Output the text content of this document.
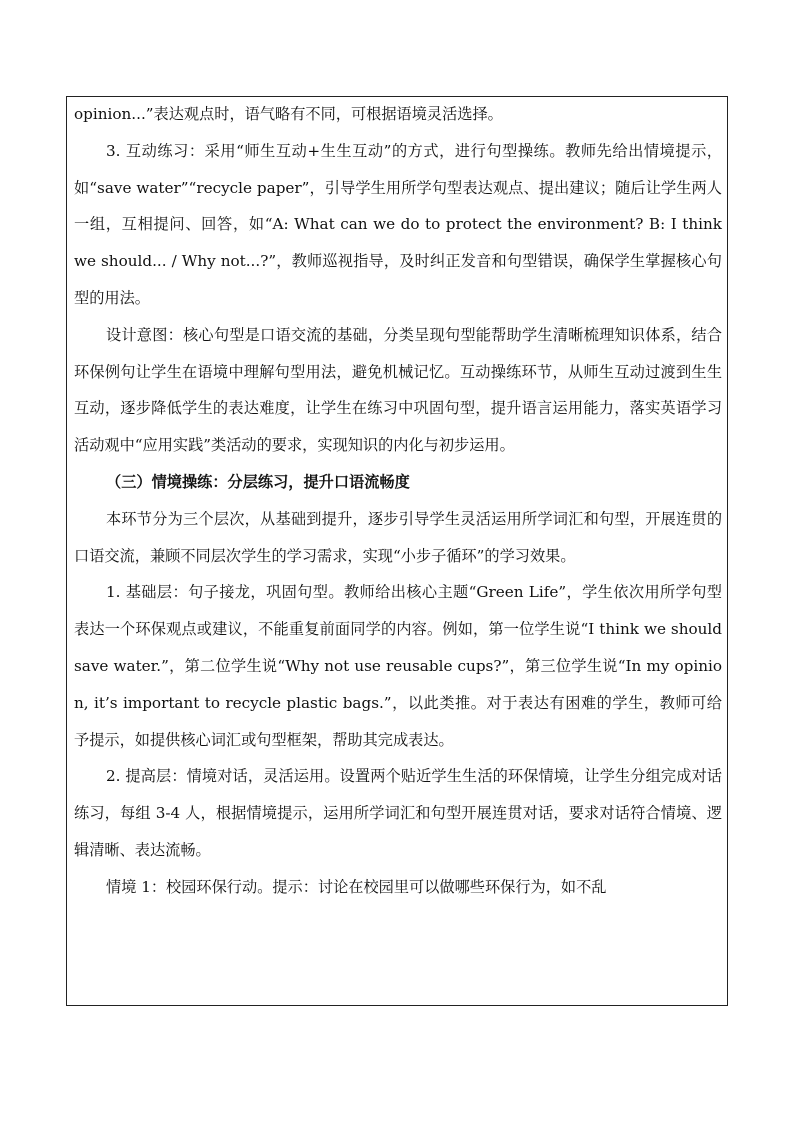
opinion...”表达观点时，语气略有不同，可根据语境灵活选择。

3. 互动练习：采用“师生互动+生生互动”的方式，进行句型操练。教师先给出情境提示，如“save water”“recycle paper”，引导学生用所学句型表达观点、提出建议；随后让学生两人一组，互相提问、回答，如“A: What can we do to protect the environment? B: I think we should... / Why not...?”，教师巡视指导，及时纠正发音和句型错误，确保学生掌握核心句型的用法。

设计意图：核心句型是口语交流的基础，分类呈现句型能帮助学生清晰梳理知识体系，结合环保例句让学生在语境中理解句型用法，避免机械记忆。互动操练环节，从师生互动过渡到生生互动，逐步降低学生的表达难度，让学生在练习中巩固句型，提升语言运用能力，落实英语学习活动观中“应用实践”类活动的要求，实现知识的内化与初步运用。

（三）情境操练：分层练习，提升口语流畅度

本环节分为三个层次，从基础到提升，逐步引导学生灵活运用所学词汇和句型，开展连贯的口语交流，兼顾不同层次学生的学习需求，实现“小步子循环”的学习效果。

1. 基础层：句子接龙，巩固句型。教师给出核心主题“Green Life”，学生依次用所学句型表达一个环保观点或建议，不能重复前面同学的内容。例如，第一位学生说“I think we should save water.”，第二位学生说“Why not use reusable cups?”，第三位学生说“In my opinion, it’s important to recycle plastic bags.”，以此类推。对于表达有困难的学生，教师可给予提示，如提供核心词汇或句型框架，帮助其完成表达。

2. 提高层：情境对话，灵活运用。设置两个贴近学生生活的环保情境，让学生分组完成对话练习，每组 3-4 人，根据情境提示，运用所学词汇和句型开展连贯对话，要求对话符合情境、逻辑清晰、表达流畅。

情境 1：校园环保行动。提示：讨论在校园里可以做哪些环保行为，如不乱
